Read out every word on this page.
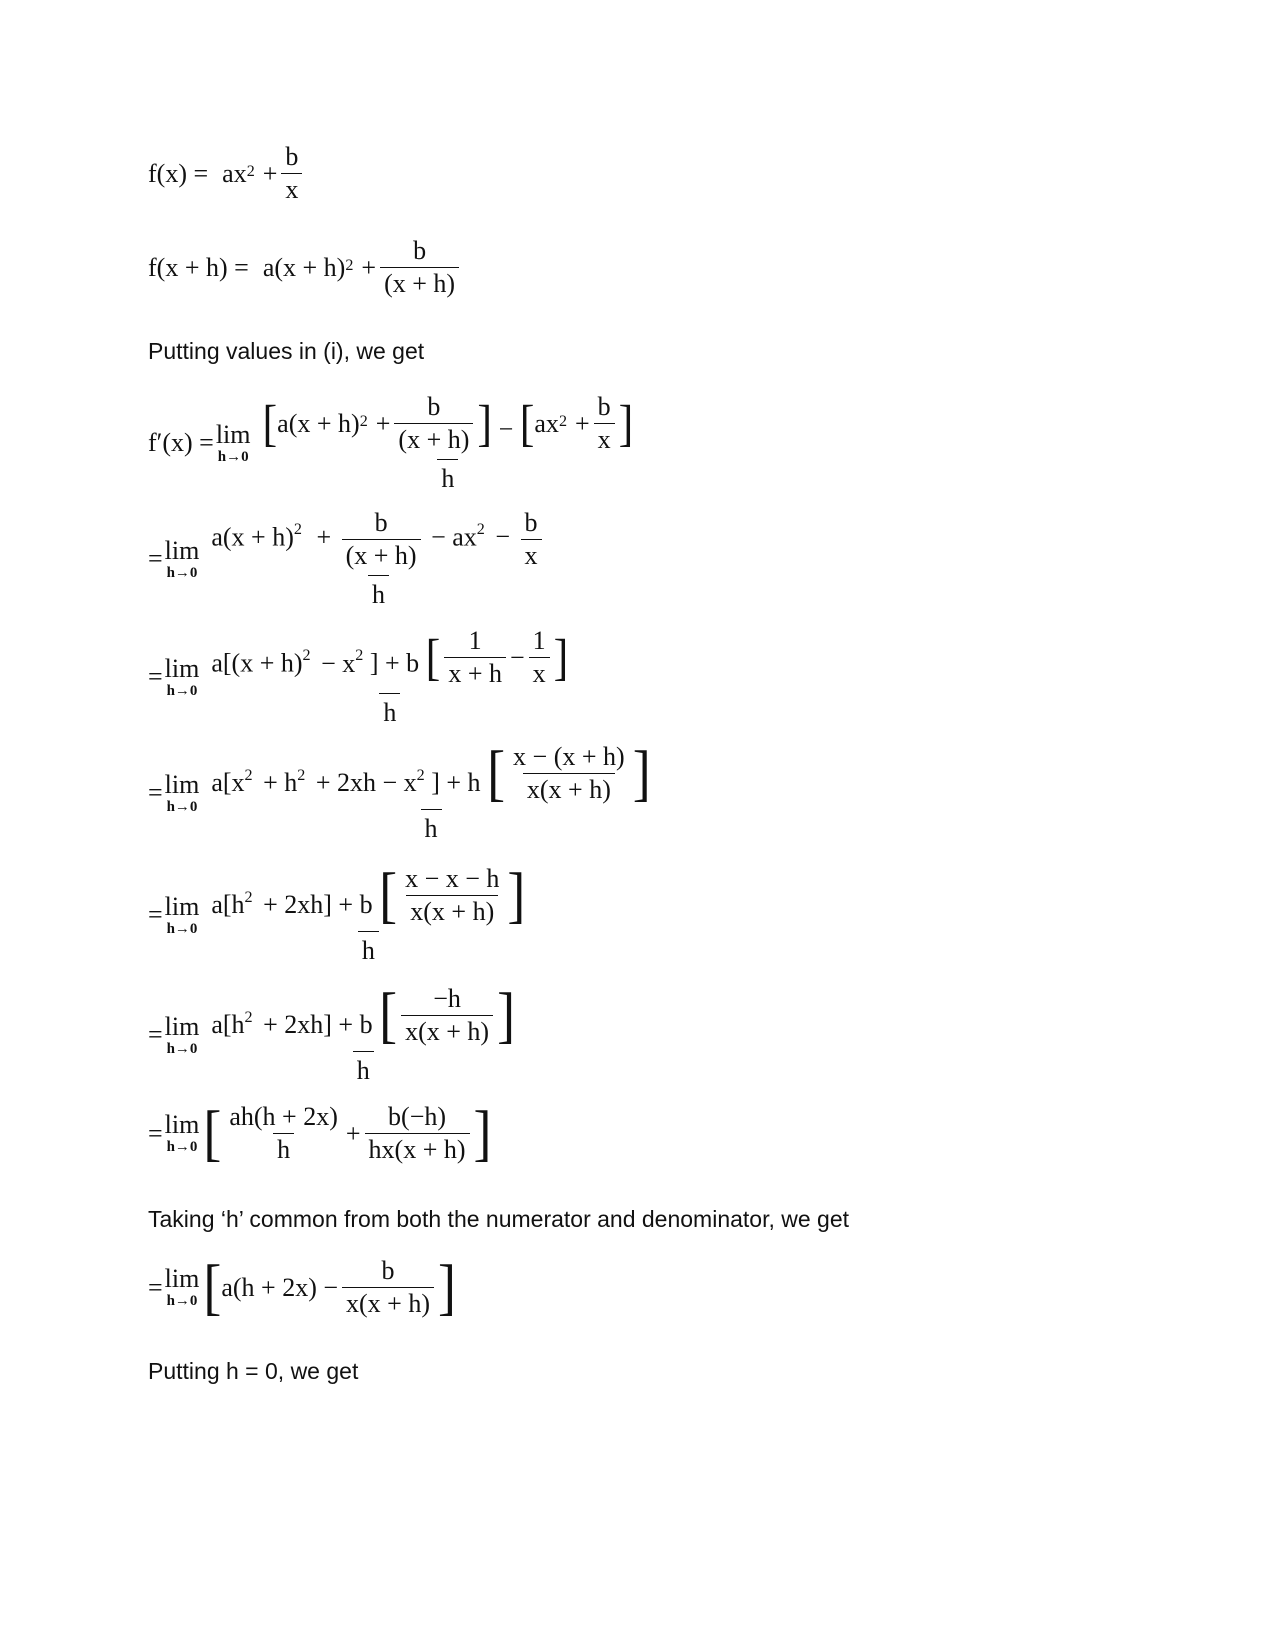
$f(x) = ax^2 + \frac{b}{x}$
$f(x + h) = a(x + h)^2 + \frac{b}{(x + h)}$
Putting values in (i), we get
f′(x) = lim
h→0
[ $a(x + h)^2 + \frac{b}{(x + h)}$ ] − [ $ax^2 + \frac{b}{x}$ ]
h
= lim
h→0
$a(x + h)^2 + \frac{b}{(x + h)} - ax^2 - \frac{b}{x}$
h
= lim
h→0
$a[(x + h)^2 - x^2$ ] + b [ $\frac{1}{x + h} - \frac{1}{x}$ ]
h
= lim
h→0
$a[x^2 + h^2 + 2xh - x^2$ ] + h [ $\frac{x - (x + h)}{x(x + h)}$ ]
h
= lim
h→0
$a[h^2 + 2xh] + b$ [ $\frac{x - x - h}{x(x + h)}$ ]
h
= lim
$h\to 0 \frac{a[h^2 + 2xh] + b [ \frac{-h}{x(x + h)} ]}{h}$
= lim
h→0 [ $\frac{ah(h + 2x)}{h} + \frac{b(-h)}{hx(x + h)}$ ]
Taking ‘h’ common from both the numerator and denominator, we get
= lim
h→0 [ $a(h + 2x) - \frac{b}{x(x + h)}$ ]
Putting h = 0, we get
